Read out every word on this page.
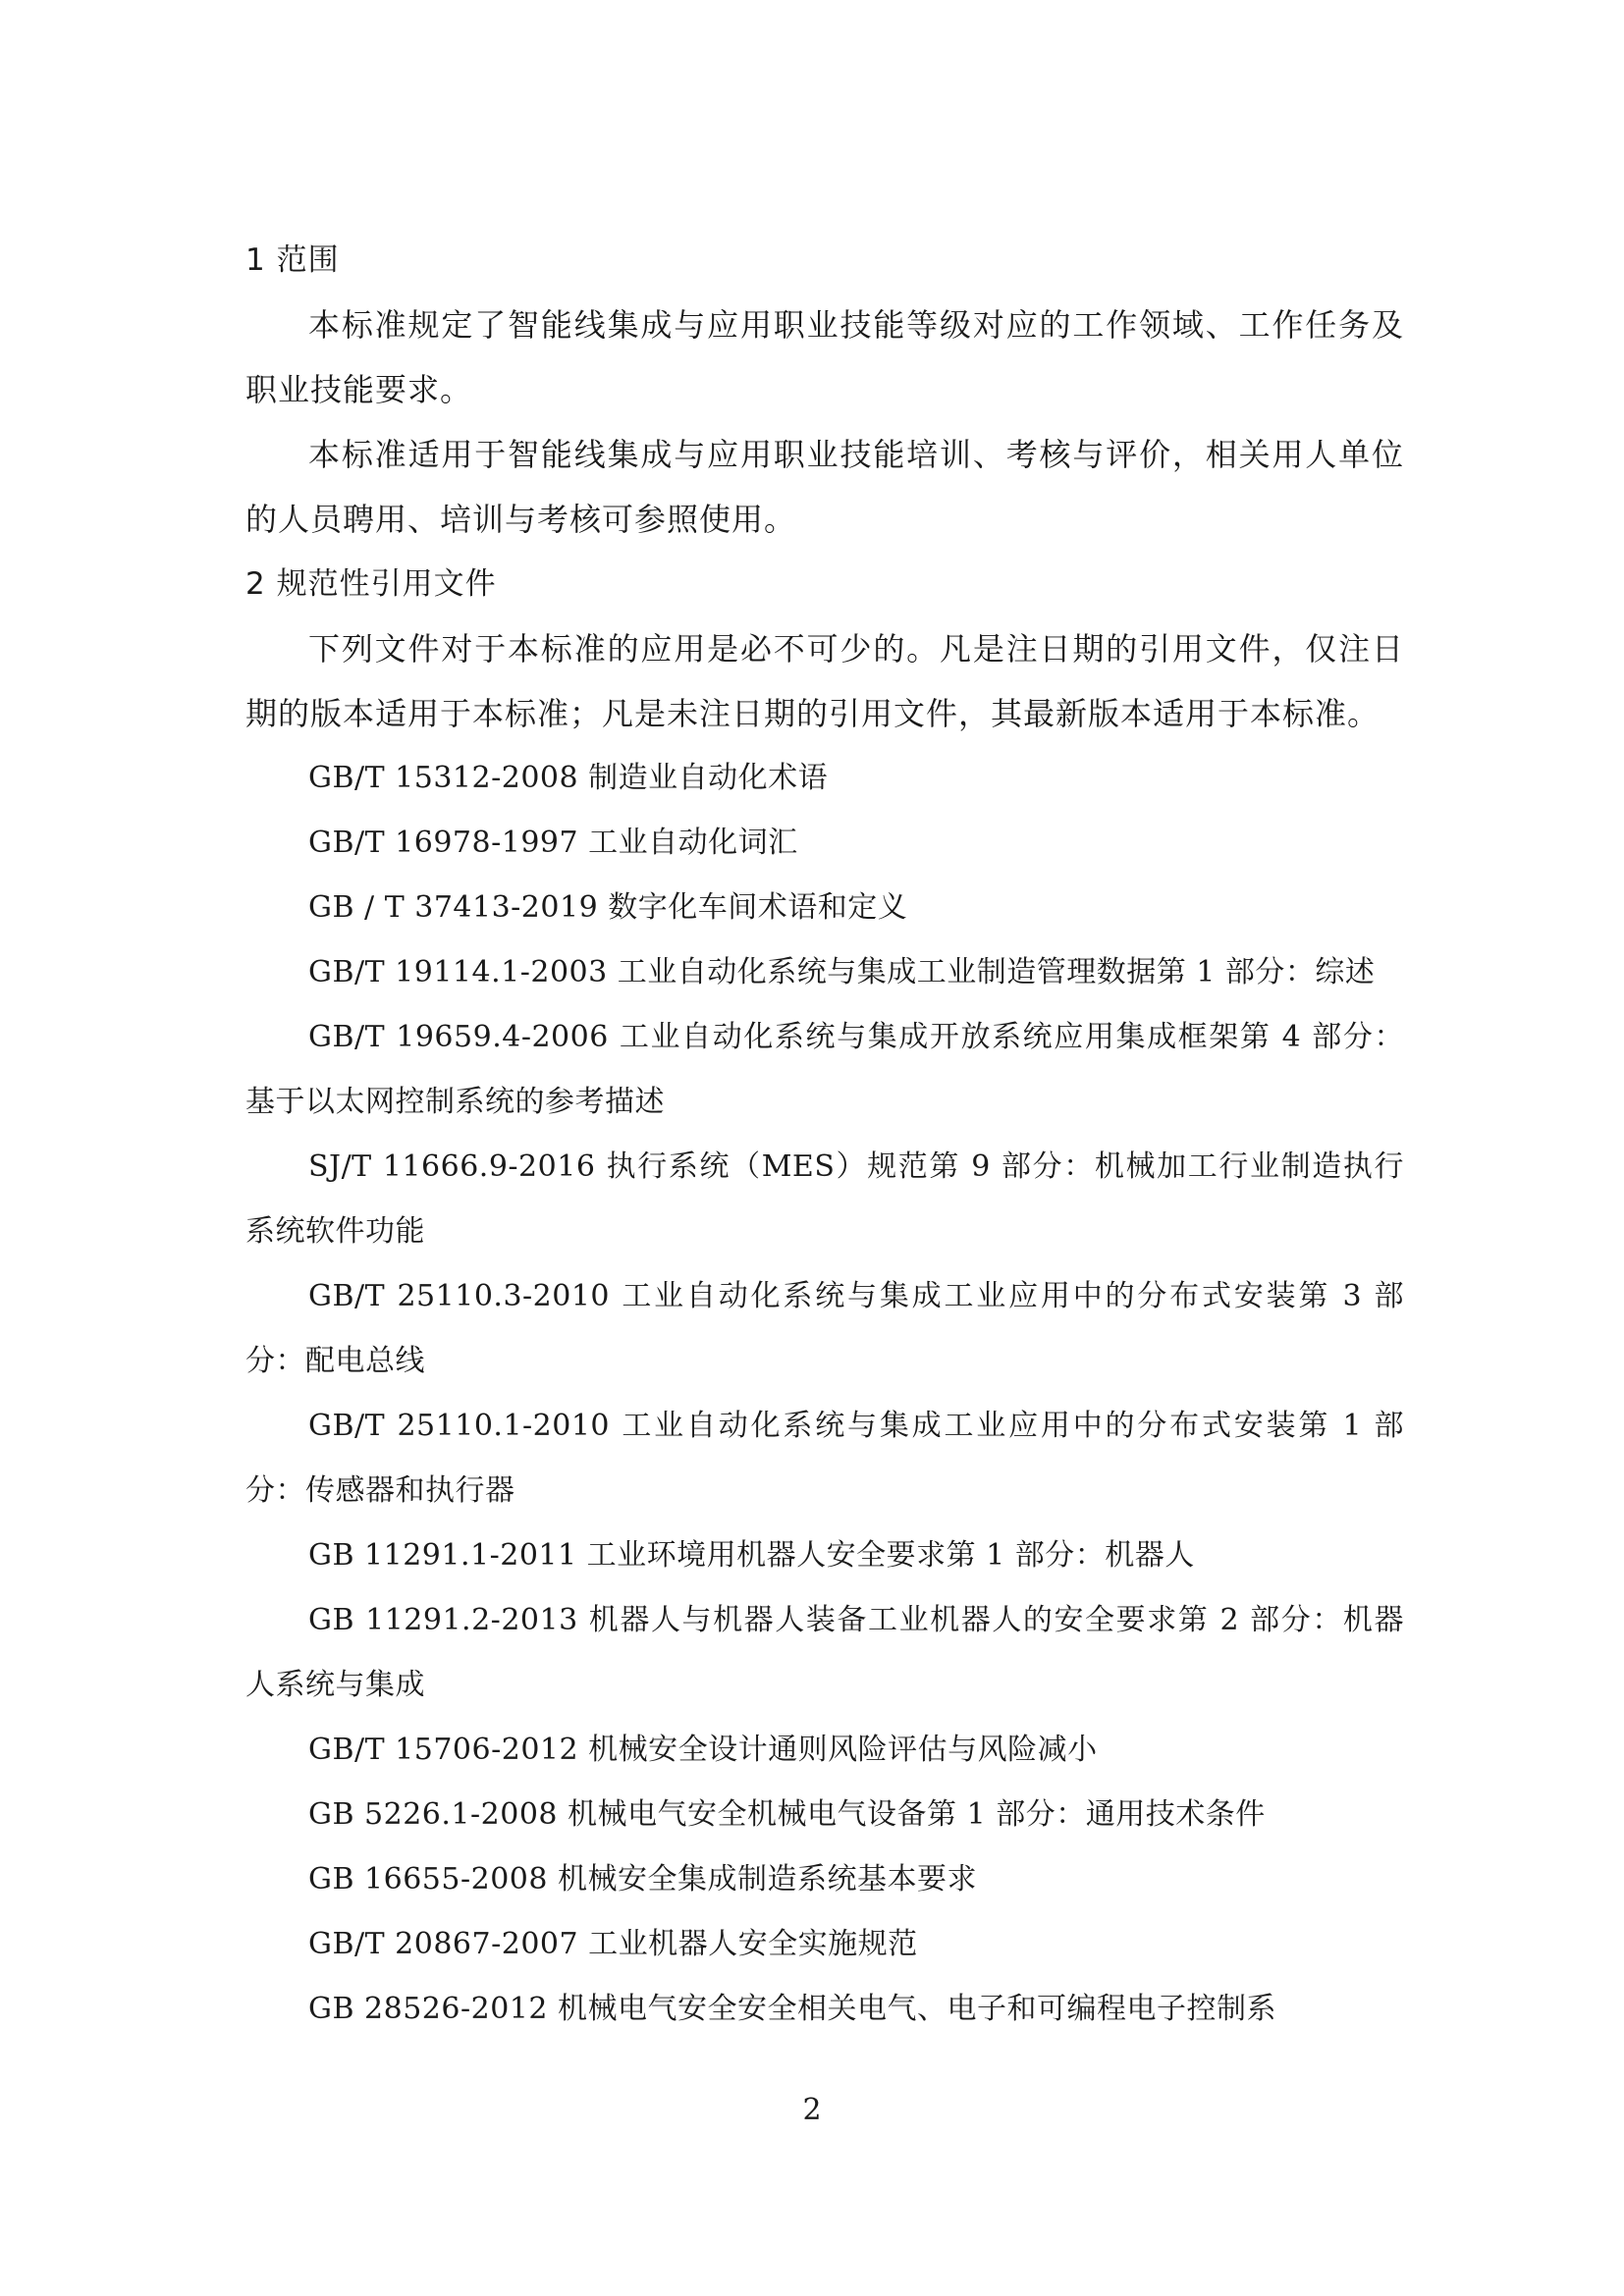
1 范围

本标准规定了智能线集成与应用职业技能等级对应的工作领域、工作任务及职业技能要求。

本标准适用于智能线集成与应用职业技能培训、考核与评价，相关用人单位的人员聘用、培训与考核可参照使用。

2 规范性引用文件

下列文件对于本标准的应用是必不可少的。凡是注日期的引用文件，仅注日期的版本适用于本标准；凡是未注日期的引用文件，其最新版本适用于本标准。

GB/T 15312-2008 制造业自动化术语

GB/T 16978-1997 工业自动化词汇

GB / T 37413-2019 数字化车间术语和定义

GB/T 19114.1-2003 工业自动化系统与集成工业制造管理数据第 1 部分：综述

GB/T 19659.4-2006 工业自动化系统与集成开放系统应用集成框架第 4 部分：基于以太网控制系统的参考描述

SJ/T 11666.9-2016 执行系统（MES）规范第 9 部分：机械加工行业制造执行系统软件功能

GB/T 25110.3-2010 工业自动化系统与集成工业应用中的分布式安装第 3 部分：配电总线

GB/T 25110.1-2010 工业自动化系统与集成工业应用中的分布式安装第 1 部分：传感器和执行器

GB 11291.1-2011 工业环境用机器人安全要求第 1 部分：机器人

GB 11291.2-2013 机器人与机器人装备工业机器人的安全要求第 2 部分：机器人系统与集成

GB/T 15706-2012 机械安全设计通则风险评估与风险减小

GB 5226.1-2008 机械电气安全机械电气设备第 1 部分：通用技术条件

GB 16655-2008 机械安全集成制造系统基本要求

GB/T 20867-2007 工业机器人安全实施规范

GB 28526-2012 机械电气安全安全相关电气、电子和可编程电子控制系

2
